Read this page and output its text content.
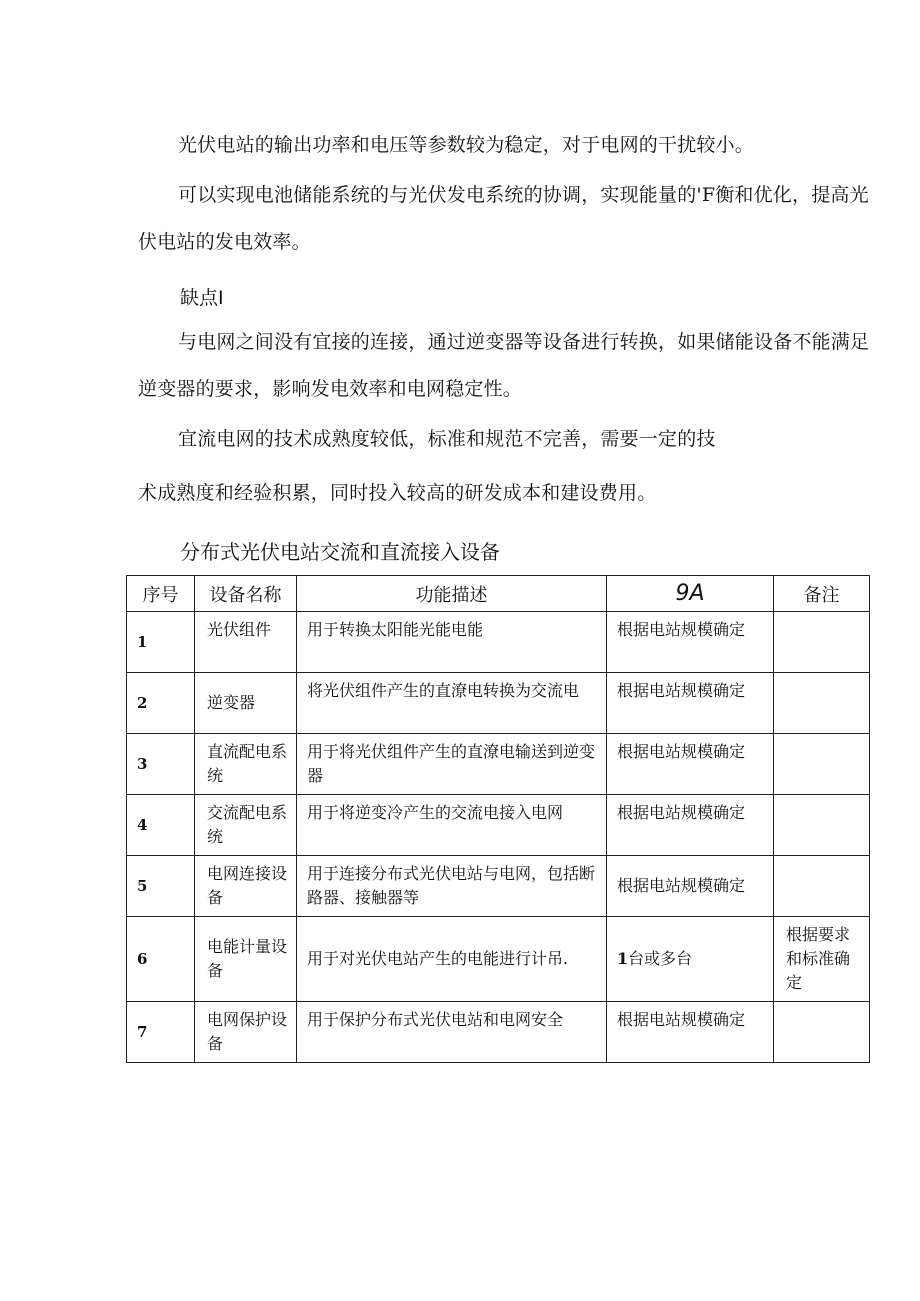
光伏电站的输出功率和电压等参数较为稳定，对于电网的干扰较小。

可以实现电池储能系统的与光伏发电系统的协调，实现能量的'F衡和优化，提高光伏电站的发电效率。

缺点I

与电网之间没有宜接的连接，通过逆变器等设备进行转换，如果储能设备不能满足逆变器的要求，影响发电效率和电网稳定性。

宜流电网的技术成熟度较低，标准和规范不完善，需要一定的技

术成熟度和经验积累，同时投入较高的研发成本和建设费用。

分布式光伏电站交流和直流接入设备

序号	设备名称	功能描述	9A	备注
1	光伏组件	用于转换太阳能光能电能	根据电站规模确定	
2	逆变器	将光伏组件产生的直潦电转换为交流电	根据电站规模确定	
3	直流配电系统	用于将光伏组件产生的直潦电输送到逆变器	根据电站规模确定	
4	交流配电系统	用于将逆变冷产生的交流电接入电网	根据电站规模确定	
5	电网连接设备	用于连接分布式光伏电站与电网，包括断路器、接触器等	根据电站规模确定	
6	电能计量设备	用于对光伏电站产生的电能进行计吊.	1台或多台	根据要求和标准确定
7	电网保护设备	用于保护分布式光伏电站和电网安全	根据电站规模确定	
